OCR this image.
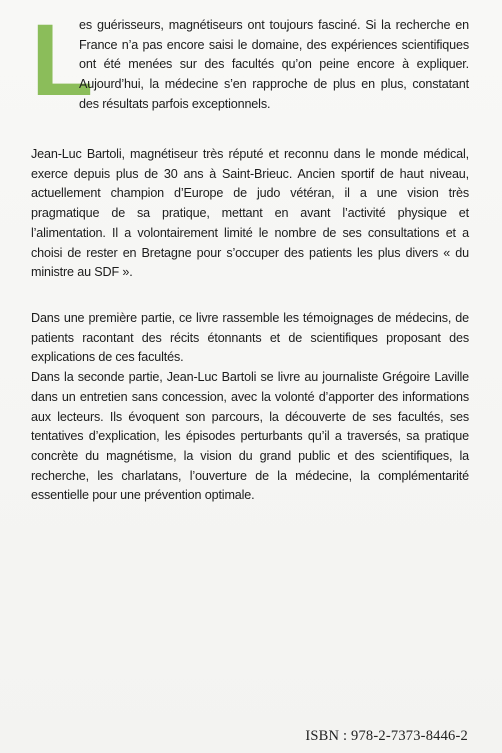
L
es guérisseurs, magnétiseurs ont toujours fasciné. Si la recherche en France n’a pas encore saisi le domaine, des expériences scientifiques ont été menées sur des facultés qu’on peine encore à expliquer. Aujourd’hui, la médecine s’en rapproche de plus en plus, constatant des résultats parfois exceptionnels.
Jean-Luc Bartoli, magnétiseur très réputé et reconnu dans le monde médical, exerce depuis plus de 30 ans à Saint-Brieuc. Ancien sportif de haut niveau, actuellement champion d’Europe de judo vétéran, il a une vision très pragmatique de sa pratique, mettant en avant l’activité physique et l’alimentation. Il a volontairement limité le nombre de ses consultations et a choisi de rester en Bretagne pour s’occuper des patients les plus divers « du ministre au SDF ».

Dans une première partie, ce livre rassemble les témoignages de médecins, de patients racontant des récits étonnants et de scientifiques proposant des explications de ces facultés.

Dans la seconde partie, Jean-Luc Bartoli se livre au journaliste Grégoire Laville dans un entretien sans concession, avec la volonté d’apporter des informations aux lecteurs. Ils évoquent son parcours, la découverte de ses facultés, ses tentatives d’explication, les épisodes perturbants qu’il a traversés, sa pratique concrète du magnétisme, la vision du grand public et des scientifiques, la recherche, les charlatans, l’ouverture de la médecine, la complémentarité essentielle pour une prévention optimale.

ISBN : 978-2-7373-8446-2
